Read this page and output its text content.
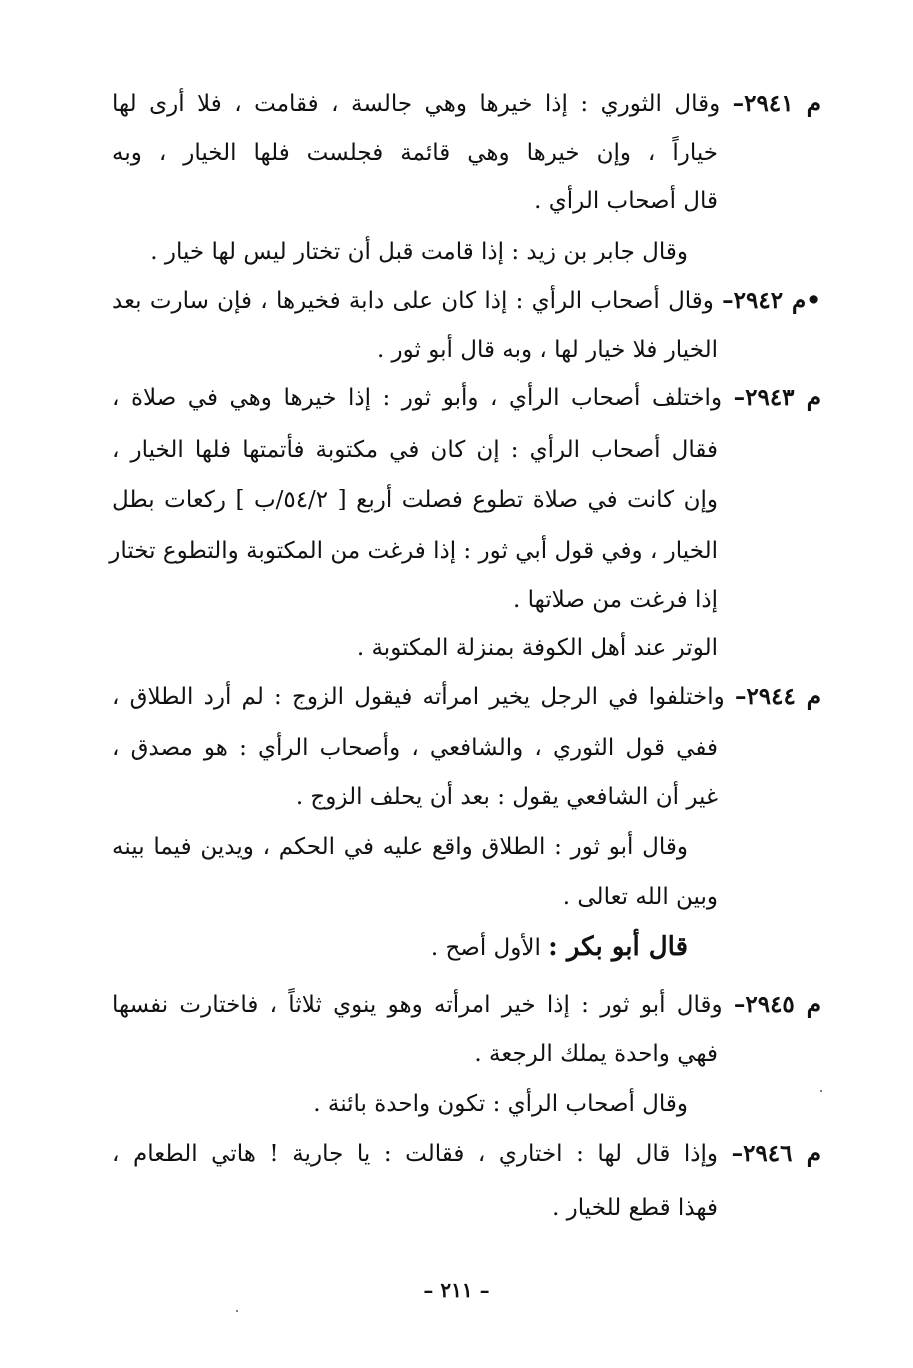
م ٢٩٤١– وقال الثوري : إذا خيرها وهي جالسة ، فقامت ، فلا أرى لها
خياراً ، وإن خيرها وهي قائمة فجلست فلها الخيار ، وبه
قال أصحاب الرأي .
وقال جابر بن زيد : إذا قامت قبل أن تختار ليس لها خيار .
•م ٢٩٤٢– وقال أصحاب الرأي : إذا كان على دابة فخيرها ، فإن سارت بعد
الخيار فلا خيار لها ، وبه قال أبو ثور .
م ٢٩٤٣– واختلف أصحاب الرأي ، وأبو ثور : إذا خيرها وهي في صلاة ،
فقال أصحاب الرأي : إن كان في مكتوبة فأتمتها فلها الخيار ،
وإن كانت في صلاة تطوع فصلت أربع [ ٥٤/٢/ب ] ركعات بطل
الخيار ، وفي قول أبي ثور : إذا فرغت من المكتوبة والتطوع تختار
إذا فرغت من صلاتها .
الوتر عند أهل الكوفة بمنزلة المكتوبة .
م ٢٩٤٤– واختلفوا في الرجل يخير امرأته فيقول الزوج : لم أرد الطلاق ،
ففي قول الثوري ، والشافعي ، وأصحاب الرأي : هو مصدق ،
غير أن الشافعي يقول : بعد أن يحلف الزوج .
وقال أبو ثور : الطلاق واقع عليه في الحكم ، ويدين فيما بينه
وبين الله تعالى .
قال أبو بكر : الأول أصح .
م ٢٩٤٥– وقال أبو ثور : إذا خير امرأته وهو ينوي ثلاثاً ، فاختارت نفسها
فهي واحدة يملك الرجعة .
وقال أصحاب الرأي : تكون واحدة بائنة .
م ٢٩٤٦– وإذا قال لها : اختاري ، فقالت : يا جارية ! هاتي الطعام ،
فهذا قطع للخيار .
– ٢١١ –
